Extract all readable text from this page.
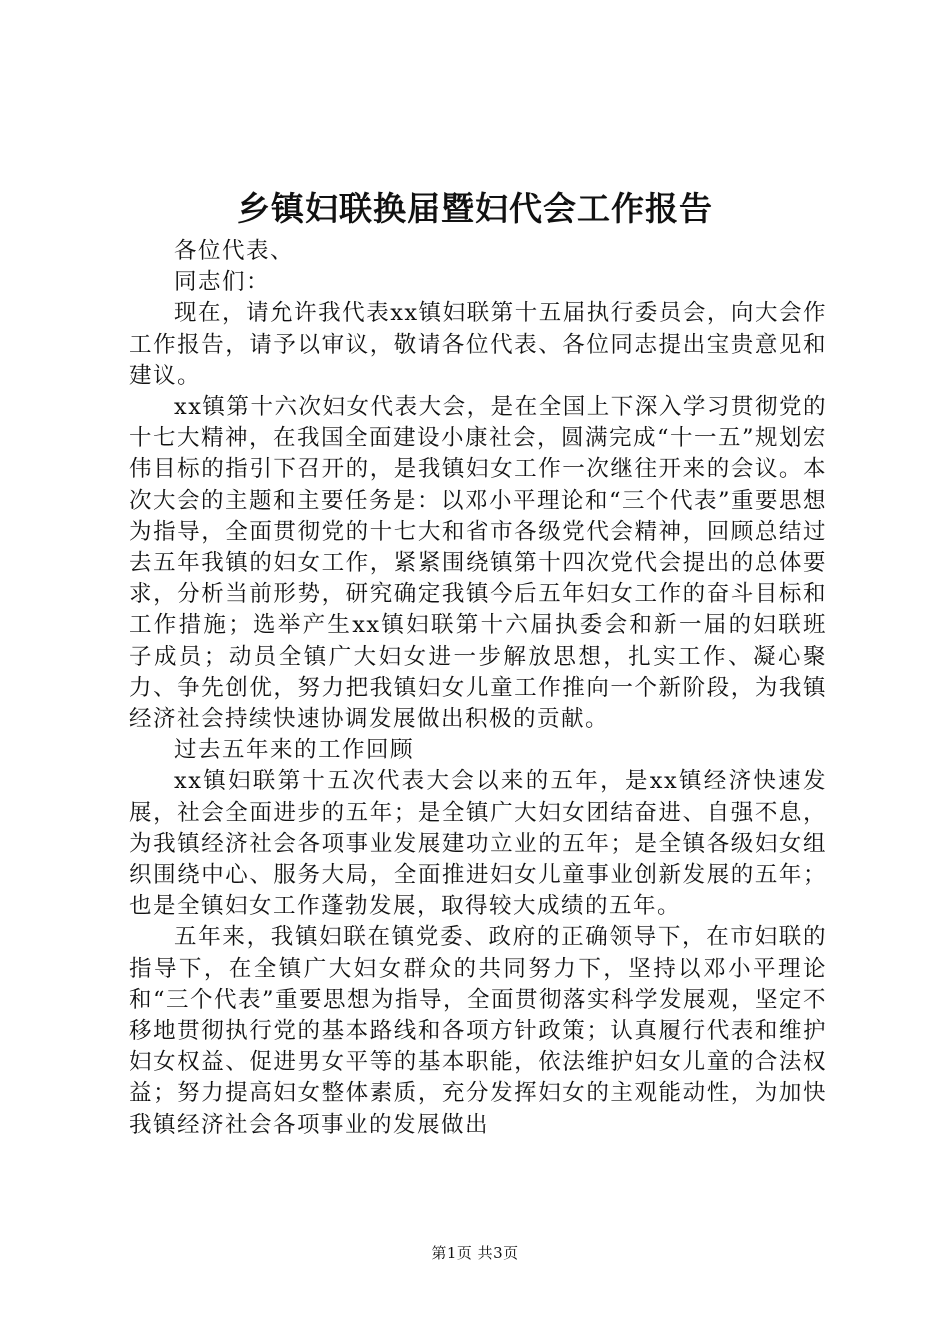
乡镇妇联换届暨妇代会工作报告

各位代表、

同志们：

现在，请允许我代表xx镇妇联第十五届执行委员会，向大会作工作报告，请予以审议，敬请各位代表、各位同志提出宝贵意见和建议。

xx镇第十六次妇女代表大会，是在全国上下深入学习贯彻党的十七大精神，在我国全面建设小康社会，圆满完成“十一五”规划宏伟目标的指引下召开的，是我镇妇女工作一次继往开来的会议。本次大会的主题和主要任务是：以邓小平理论和“三个代表”重要思想为指导，全面贯彻党的十七大和省市各级党代会精神，回顾总结过去五年我镇的妇女工作，紧紧围绕镇第十四次党代会提出的总体要求，分析当前形势，研究确定我镇今后五年妇女工作的奋斗目标和工作措施；选举产生xx镇妇联第十六届执委会和新一届的妇联班子成员；动员全镇广大妇女进一步解放思想，扎实工作、凝心聚力、争先创优，努力把我镇妇女儿童工作推向一个新阶段，为我镇经济社会持续快速协调发展做出积极的贡献。

过去五年来的工作回顾

xx镇妇联第十五次代表大会以来的五年，是xx镇经济快速发展，社会全面进步的五年；是全镇广大妇女团结奋进、自强不息，为我镇经济社会各项事业发展建功立业的五年；是全镇各级妇女组织围绕中心、服务大局，全面推进妇女儿童事业创新发展的五年；也是全镇妇女工作蓬勃发展，取得较大成绩的五年。

五年来，我镇妇联在镇党委、政府的正确领导下，在市妇联的指导下，在全镇广大妇女群众的共同努力下，坚持以邓小平理论和“三个代表”重要思想为指导，全面贯彻落实科学发展观，坚定不移地贯彻执行党的基本路线和各项方针政策；认真履行代表和维护妇女权益、促进男女平等的基本职能，依法维护妇女儿童的合法权益；努力提高妇女整体素质，充分发挥妇女的主观能动性，为加快我镇经济社会各项事业的发展做出

第1页 共3页
